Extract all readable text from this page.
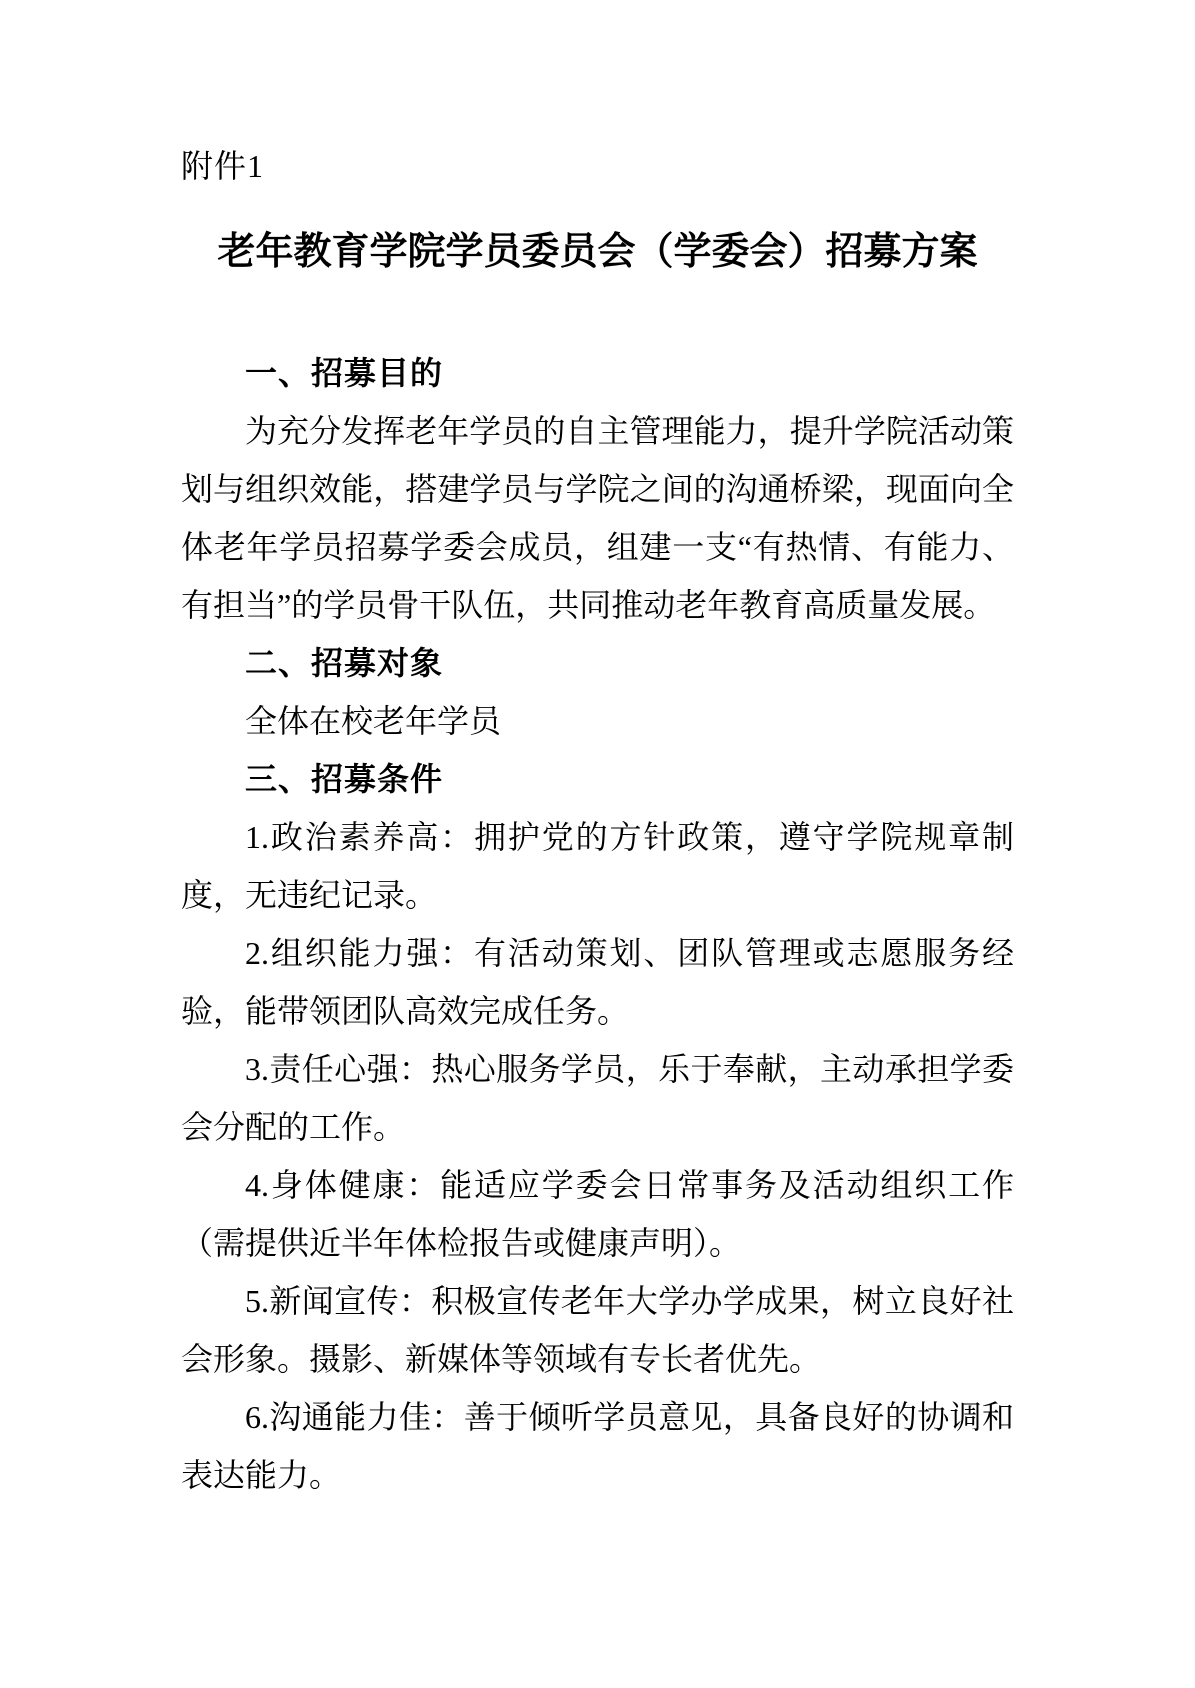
附件1
老年教育学院学员委员会（学委会）招募方案
一、招募目的

为充分发挥老年学员的自主管理能力，提升学院活动策划与组织效能，搭建学员与学院之间的沟通桥梁，现面向全体老年学员招募学委会成员，组建一支“有热情、有能力、有担当”的学员骨干队伍，共同推动老年教育高质量发展。

二、招募对象

全体在校老年学员

三、招募条件

1.政治素养高：拥护党的方针政策，遵守学院规章制度，无违纪记录。

2.组织能力强：有活动策划、团队管理或志愿服务经验，能带领团队高效完成任务。

3.责任心强：热心服务学员，乐于奉献，主动承担学委会分配的工作。

4.身体健康：能适应学委会日常事务及活动组织工作（需提供近半年体检报告或健康声明）。

5.新闻宣传：积极宣传老年大学办学成果，树立良好社会形象。摄影、新媒体等领域有专长者优先。

6.沟通能力佳：善于倾听学员意见，具备良好的协调和表达能力。
